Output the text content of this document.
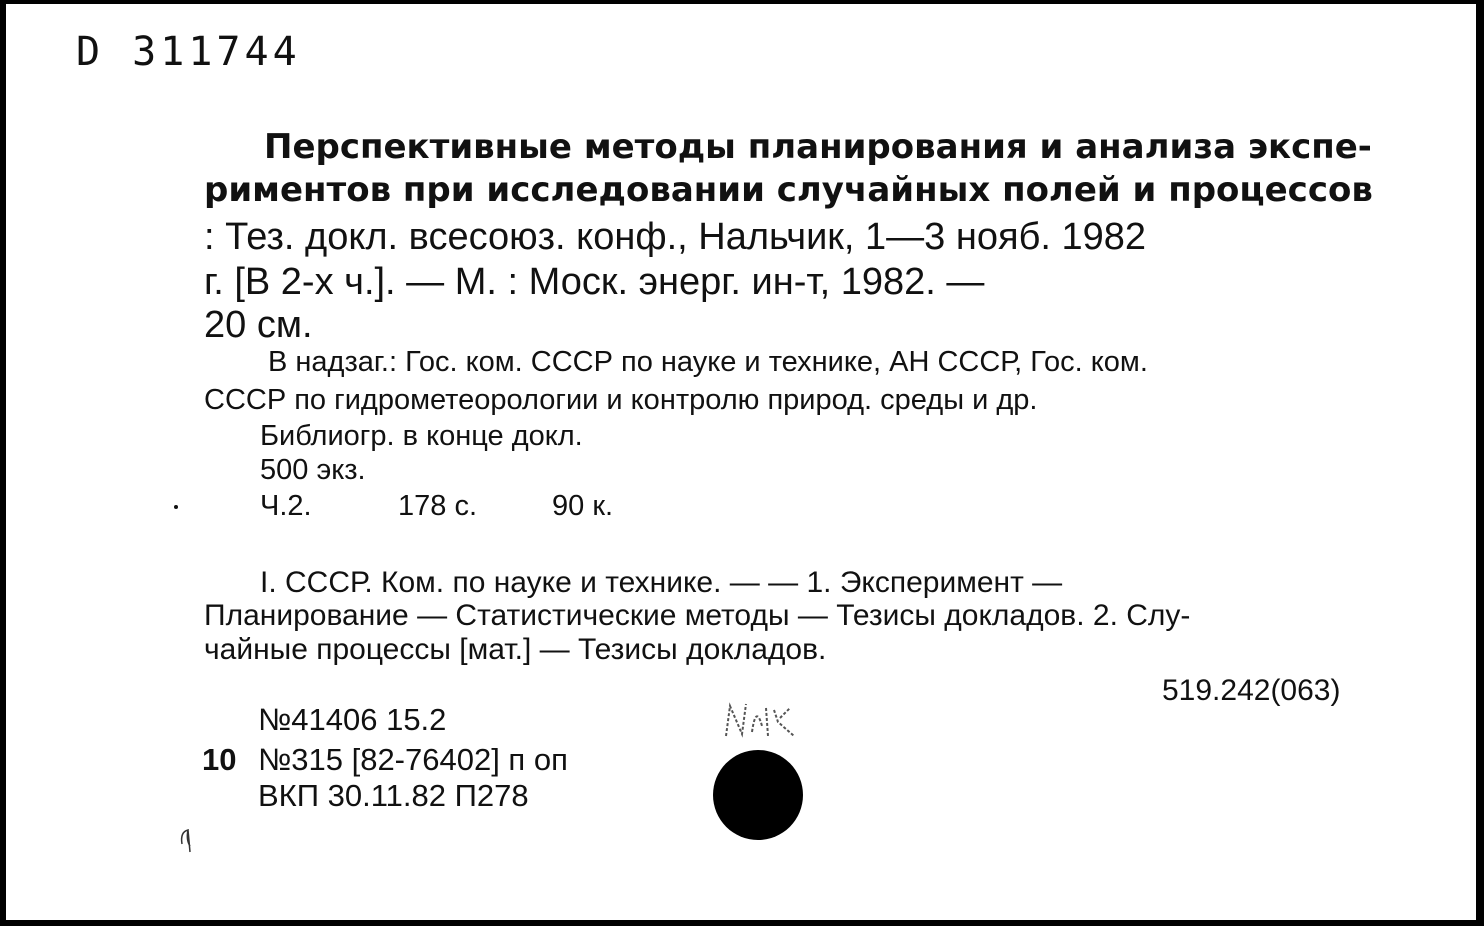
D 311744
Перспективные методы планирования и анализа экспе-
риментов при исследовании случайных полей и процессов
: Тез. докл. всесоюз. конф., Нальчик, 1—3 нояб. 1982
г. [В 2-х ч.]. — М. : Моск. энерг. ин-т, 1982. —
20 см.
В надзаг.: Гос. ком. СССР по науке и технике, АН СССР, Гос. ком.
СССР по гидрометеорологии и контролю природ. среды и др.
Библиогр. в конце докл.
500 экз.
Ч.2.	178 с.	90 к.
I. СССР. Ком. по науке и технике. — — 1. Эксперимент —
Планирование — Статистические методы — Тезисы докладов. 2. Слу-
чайные процессы [мат.] — Тезисы докладов.
519.242(063)
№41406 15.2
10 №315 [82-76402] п оп
ВКП 30.11.82 П278
